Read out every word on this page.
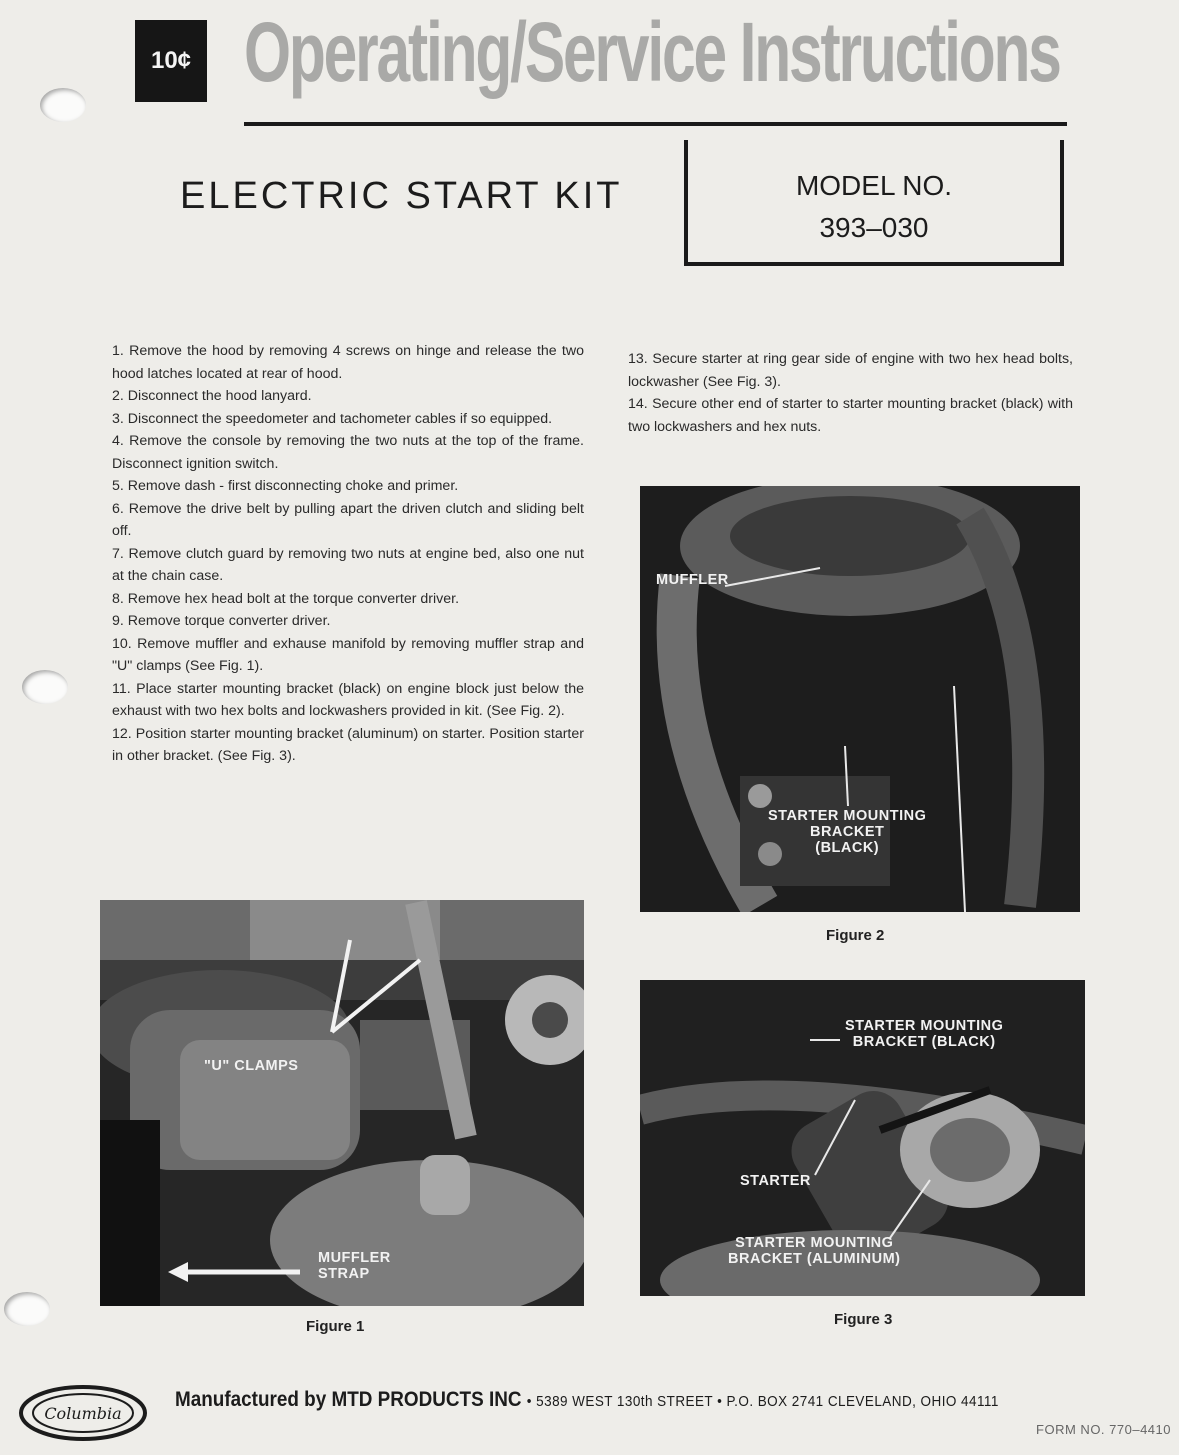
10¢ Operating/Service Instructions
ELECTRIC START KIT	MODEL NO.
393–030
1. Remove the hood by removing 4 screws on hinge and release the two hood latches located at rear of hood.
2. Disconnect the hood lanyard.
3. Disconnect the speedometer and tachometer cables if so equipped.
4. Remove the console by removing the two nuts at the top of the frame. Disconnect ignition switch.
5. Remove dash - first disconnecting choke and primer.
6. Remove the drive belt by pulling apart the driven clutch and sliding belt off.
7. Remove clutch guard by removing two nuts at engine bed, also one nut at the chain case.
8. Remove hex head bolt at the torque converter driver.
9. Remove torque converter driver.
10. Remove muffler and exhause manifold by removing muffler strap and "U" clamps (See Fig. 1).
11. Place starter mounting bracket (black) on engine block just below the exhaust with two hex bolts and lockwashers provided in kit. (See Fig. 2).
12. Position starter mounting bracket (aluminum) on starter. Position starter in other bracket. (See Fig. 3).
13. Secure starter at ring gear side of engine with two hex head bolts, lockwasher (See Fig. 3).
14. Secure other end of starter to starter mounting bracket (black) with two lockwashers and hex nuts.
"U" CLAMPS
MUFFLER
STRAP
Figure 1
MUFFLER
STARTER MOUNTING
BRACKET
(BLACK)
Figure 2
STARTER MOUNTING
BRACKET (BLACK)
STARTER
STARTER MOUNTING
BRACKET (ALUMINUM)
Figure 3
Columbia
Manufactured by MTD PRODUCTS INC • 5389 WEST 130th STREET • P.O. BOX 2741 CLEVELAND, OHIO 44111
FORM NO. 770–4410
